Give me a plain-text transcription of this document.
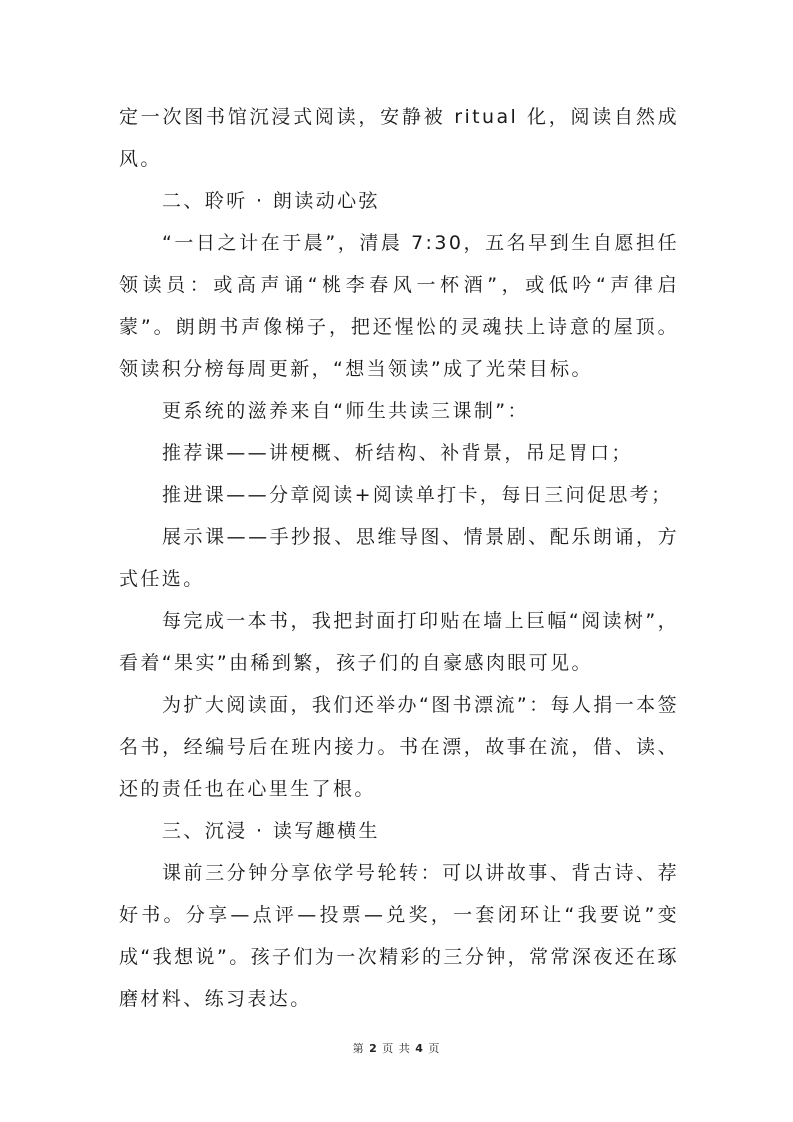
定一次图书馆沉浸式阅读，安静被 ritual 化，阅读自然成风。

二、聆听 · 朗读动心弦

“一日之计在于晨”，清晨 7:30，五名早到生自愿担任领读员：或高声诵“桃李春风一杯酒”，或低吟“声律启蒙”。朗朗书声像梯子，把还惺忪的灵魂扶上诗意的屋顶。领读积分榜每周更新，“想当领读”成了光荣目标。

更系统的滋养来自“师生共读三课制”：

推荐课——讲梗概、析结构、补背景，吊足胃口；

推进课——分章阅读+阅读单打卡，每日三问促思考；

展示课——手抄报、思维导图、情景剧、配乐朗诵，方式任选。

每完成一本书，我把封面打印贴在墙上巨幅“阅读树”，看着“果实”由稀到繁，孩子们的自豪感肉眼可见。

为扩大阅读面，我们还举办“图书漂流”：每人捐一本签名书，经编号后在班内接力。书在漂，故事在流，借、读、还的责任也在心里生了根。

三、沉浸 · 读写趣横生

课前三分钟分享依学号轮转：可以讲故事、背古诗、荐好书。分享—点评—投票—兑奖，一套闭环让“我要说”变成“我想说”。孩子们为一次精彩的三分钟，常常深夜还在琢磨材料、练习表达。

第 2 页 共 4 页
